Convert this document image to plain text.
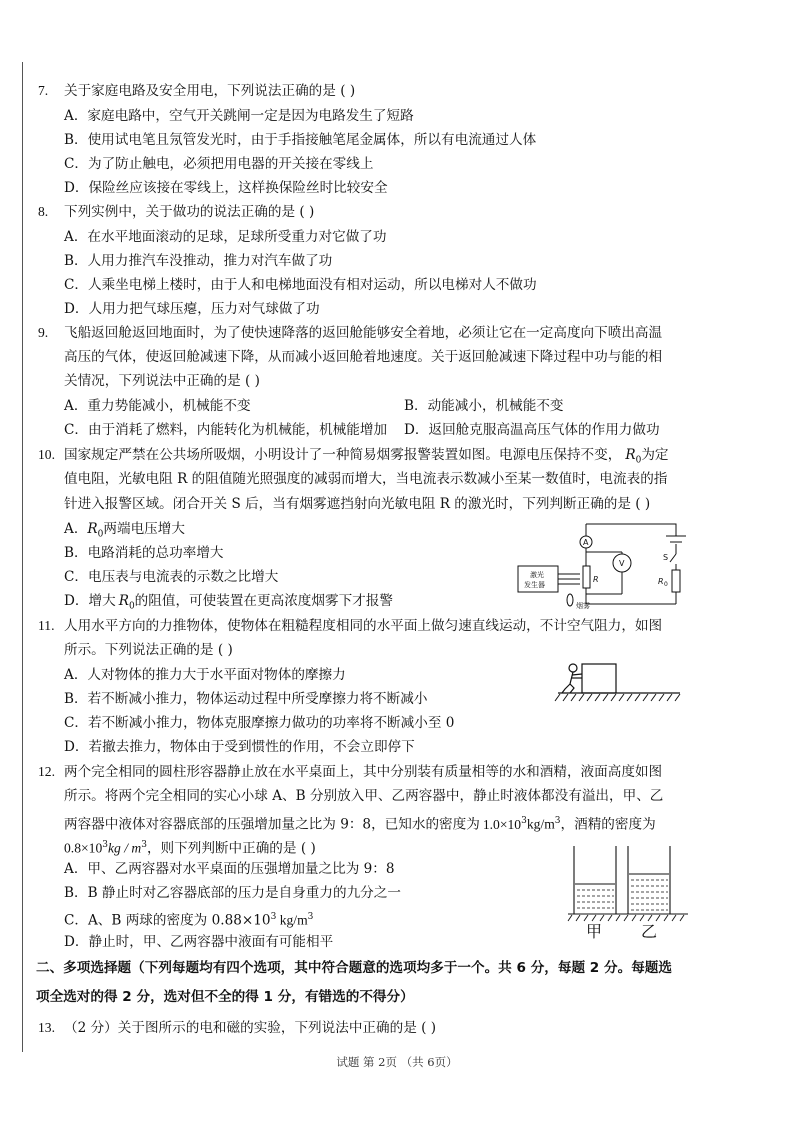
7. 关于家庭电路及安全用电，下列说法正确的是 ( )
A．家庭电路中，空气开关跳闸一定是因为电路发生了短路
B．使用试电笔且氖管发光时，由于手指接触笔尾金属体，所以有电流通过人体
C．为了防止触电，必须把用电器的开关接在零线上
D．保险丝应该接在零线上，这样换保险丝时比较安全
8. 下列实例中，关于做功的说法正确的是 ( )
A．在水平地面滚动的足球，足球所受重力对它做了功
B．人用力推汽车没推动，推力对汽车做了功
C．人乘坐电梯上楼时，由于人和电梯地面没有相对运动，所以电梯对人不做功
D．人用力把气球压瘪，压力对气球做了功
9. 飞船返回舱返回地面时，为了使快速降落的返回舱能够安全着地，必须让它在一定高度向下喷出高温
高压的气体，使返回舱减速下降，从而减小返回舱着地速度。关于返回舱减速下降过程中功与能的相
关情况，下列说法中正确的是 ( )
A．重力势能减小，机械能不变	B．动能减小，机械能不变
C．由于消耗了燃料，内能转化为机械能，机械能增加 D．返回舱克服高温高压气体的作用力做功
10. 国家规定严禁在公共场所吸烟，小明设计了一种简易烟雾报警装置如图。电源电压保持不变， $R_0$为定
值电阻，光敏电阻 R 的阻值随光照强度的减弱而增大，当电流表示数减小至某一数值时，电流表的指
针进入报警区域。闭合开关 S 后，当有烟雾遮挡射向光敏电阻 R 的激光时，下列判断正确的是 ( )
A．$R_0$两端电压增大
B．电路消耗的总功率增大
C．电压表与电流表的示数之比增大
D．增大 $R_0$的阻值，可使装置在更高浓度烟雾下才报警
A
V
S
R	R 0
激光
发生器
烟雾
11. 人用水平方向的力推物体，使物体在粗糙程度相同的水平面上做匀速直线运动，不计空气阻力，如图
所示。下列说法正确的是 ( )
A．人对物体的推力大于水平面对物体的摩擦力
B．若不断减小推力，物体运动过程中所受摩擦力将不断减小
C．若不断减小推力，物体克服摩擦力做功的功率将不断减小至 0
D．若撤去推力，物体由于受到惯性的作用，不会立即停下
12. 两个完全相同的圆柱形容器静止放在水平桌面上，其中分别装有质量相等的水和酒精，液面高度如图
所示。将两个完全相同的实心小球 A、B 分别放入甲、乙两容器中，静止时液体都没有溢出，甲、乙
两容器中液体对容器底部的压强增加量之比为 9：8，已知水的密度为 $1.0\times 10^3kg/m^3$，酒精的密度为
$0.8\times 10^3kg / m^3$，则下列判断中正确的是 ( )
A．甲、乙两容器对水平桌面的压强增加量之比为 9：8
B．B 静止时对乙容器底部的压力是自身重力的九分之一
C．A、B 两球的密度为 $0.88\times 10^3$ $kg/m^3$
D．静止时，甲、乙两容器中液面有可能相平
甲 乙
二、多项选择题（下列每题均有四个选项，其中符合题意的选项均多于一个。共 6 分，每题 2 分。每题选
项全选对的得 2 分，选对但不全的得 1 分，有错选的不得分）
13. （2 分）关于图所示的电和磁的实验，下列说法中正确的是 ( )
试题 第 2页 （共 6页）
